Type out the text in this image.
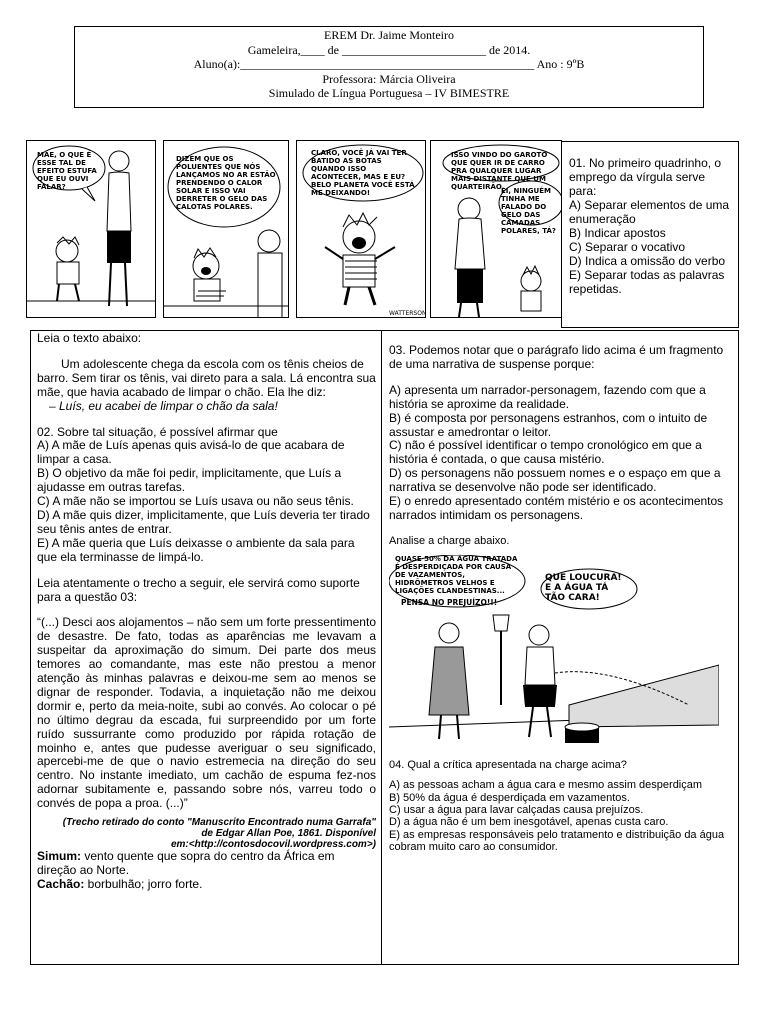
EREM Dr. Jaime Monteiro
Gameleira,____ de ________________________ de 2014.
Aluno(a):_________________________________________________ Ano : 9ºB
Professora: Márcia Oliveira
Simulado de Língua Portuguesa – IV BIMESTRE
MÃE, O QUE É ESSE TAL DE EFEITO ESTUFA QUE EU OUVI FALAR?
DIZEM QUE OS POLUENTES QUE NÓS LANÇAMOS NO AR ESTÃO PRENDENDO O CALOR SOLAR E ISSO VAI DERRETER O GELO DAS CALOTAS POLARES.
CLARO, VOCÊ JÁ VAI TER BATIDO AS BOTAS QUANDO ISSO ACONTECER, MAS E EU? BELO PLANETA VOCÊ ESTÁ ME DEIXANDO!
WATTERSON
ISSO VINDO DO GAROTO QUE QUER IR DE CARRO PRA QUALQUER LUGAR MAIS DISTANTE QUE UM QUARTEIRÃO.
EI, NINGUÉM TINHA ME FALADO DO GELO DAS CAMADAS POLARES, TÁ?

01. No primeiro quadrinho, o emprego da vírgula serve para:

A) Separar elementos de uma enumeração

B) Indicar apostos

C) Separar o vocativo

D) Indica a omissão do verbo

E) Separar todas as palavras repetidas.

Leia o texto abaixo:

Um adolescente chega da escola com os tênis cheios de barro. Sem tirar os tênis, vai direto para a sala. Lá encontra sua mãe, que havia acabado de limpar o chão. Ela lhe diz:

– Luís, eu acabei de limpar o chão da sala!

02. Sobre tal situação, é possível afirmar que

A) A mãe de Luís apenas quis avisá-lo de que acabara de limpar a casa.

B) O objetivo da mãe foi pedir, implicitamente, que Luís a ajudasse em outras tarefas.

C) A mãe não se importou se Luís usava ou não seus tênis.

D) A mãe quis dizer, implicitamente, que Luís deveria ter tirado seu tênis antes de entrar.

E) A mãe queria que Luís deixasse o ambiente da sala para que ela terminasse de limpá-lo.

Leia atentamente o trecho a seguir, ele servirá como suporte para a questão 03:

“(...) Desci aos alojamentos – não sem um forte pressentimento de desastre. De fato, todas as aparências me levavam a suspeitar da aproximação do simum. Dei parte dos meus temores ao comandante, mas este não prestou a menor atenção às minhas palavras e deixou-me sem ao menos se dignar de responder. Todavia, a inquietação não me deixou dormir e, perto da meia-noite, subi ao convés. Ao colocar o pé no último degrau da escada, fui surpreendido por um forte ruído sussurrante como produzido por rápida rotação de moinho e, antes que pudesse averiguar o seu significado, apercebi-me de que o navio estremecia na direção do seu centro. No instante imediato, um cachão de espuma fez-nos adornar subitamente e, passando sobre nós, varreu todo o convés de popa a proa. (...)”

(Trecho retirado do conto "Manuscrito Encontrado numa Garrafa"

de Edgar Allan Poe, 1861. Disponível

em:<http://contosdocovil.wordpress.com>)

Simum: vento quente que sopra do centro da África em direção ao Norte.

Cachão: borbulhão; jorro forte.

03. Podemos notar que o parágrafo lido acima é um fragmento de uma narrativa de suspense porque:

A) apresenta um narrador-personagem, fazendo com que a história se aproxime da realidade.

B) é composta por personagens estranhos, com o intuito de assustar e amedrontar o leitor.

C) não é possível identificar o tempo cronológico em que a história é contada, o que causa mistério.

D) os personagens não possuem nomes e o espaço em que a narrativa se desenvolve não pode ser identificado.

E) o enredo apresentado contém mistério e os acontecimentos narrados intimidam os personagens.

Analise a charge abaixo.

QUASE 50% DA ÁGUA TRATADA É DESPERDIÇADA POR CAUSA DE VAZAMENTOS, HIDRÔMETROS VELHOS E LIGAÇÕES CLANDESTINAS...
PENSA NO PREJUÍZO!!!
QUE LOUCURA! E A ÁGUA TÁ TÃO CARA!

04. Qual a crítica apresentada na charge acima?

A) as pessoas acham a água cara e mesmo assim desperdiçam

B) 50% da água é desperdiçada em vazamentos.

C) usar a água para lavar calçadas causa prejuízos.

D) a água não é um bem inesgotável, apenas custa caro.

E) as empresas responsáveis pelo tratamento e distribuição da água cobram muito caro ao consumidor.
